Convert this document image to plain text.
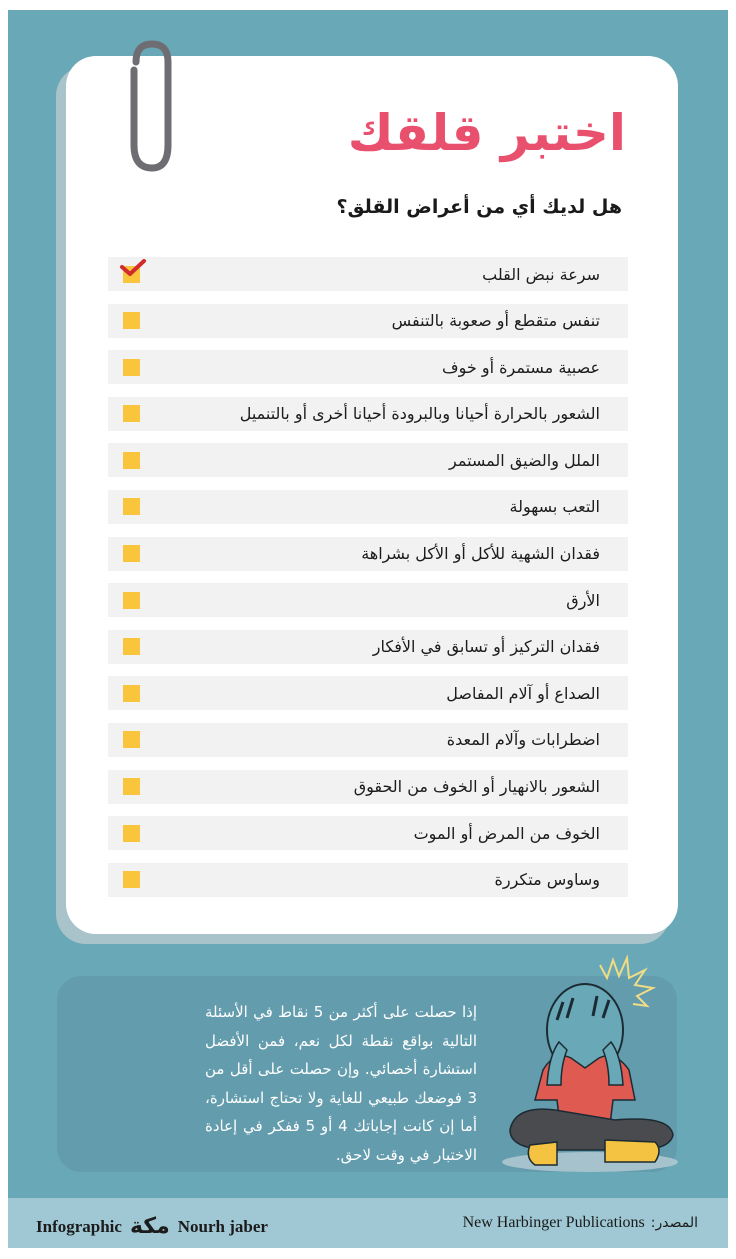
اختبر قلقك
هل لديك أي من أعراض القلق؟
سرعة نبض القلب
تنفس متقطع أو صعوبة بالتنفس
عصبية مستمرة أو خوف
الشعور بالحرارة أحيانا وبالبرودة أحيانا أخرى أو بالتنميل
الملل والضيق المستمر
التعب بسهولة
فقدان الشهية للأكل أو الأكل بشراهة
الأرق
فقدان التركيز أو تسابق في الأفكار
الصداع أو آلام المفاصل
اضطرابات وآلام المعدة
الشعور بالانهيار أو الخوف من الحقوق
الخوف من المرض أو الموت
وساوس متكررة
إذا حصلت على أكثر من 5 نقاط في الأسئلة التالية بواقع نقطة لكل نعم، فمن الأفضل استشارة أخصائي. وإن حصلت على أقل من 3 فوضعك طبيعي للغاية ولا تحتاج استشارة، أما إن كانت إجاباتك 4 أو 5 ففكر في إعادة الاختبار في وقت لاحق.
Infographic مكة Nourh jaber	New Harbinger Publications المصدر:
